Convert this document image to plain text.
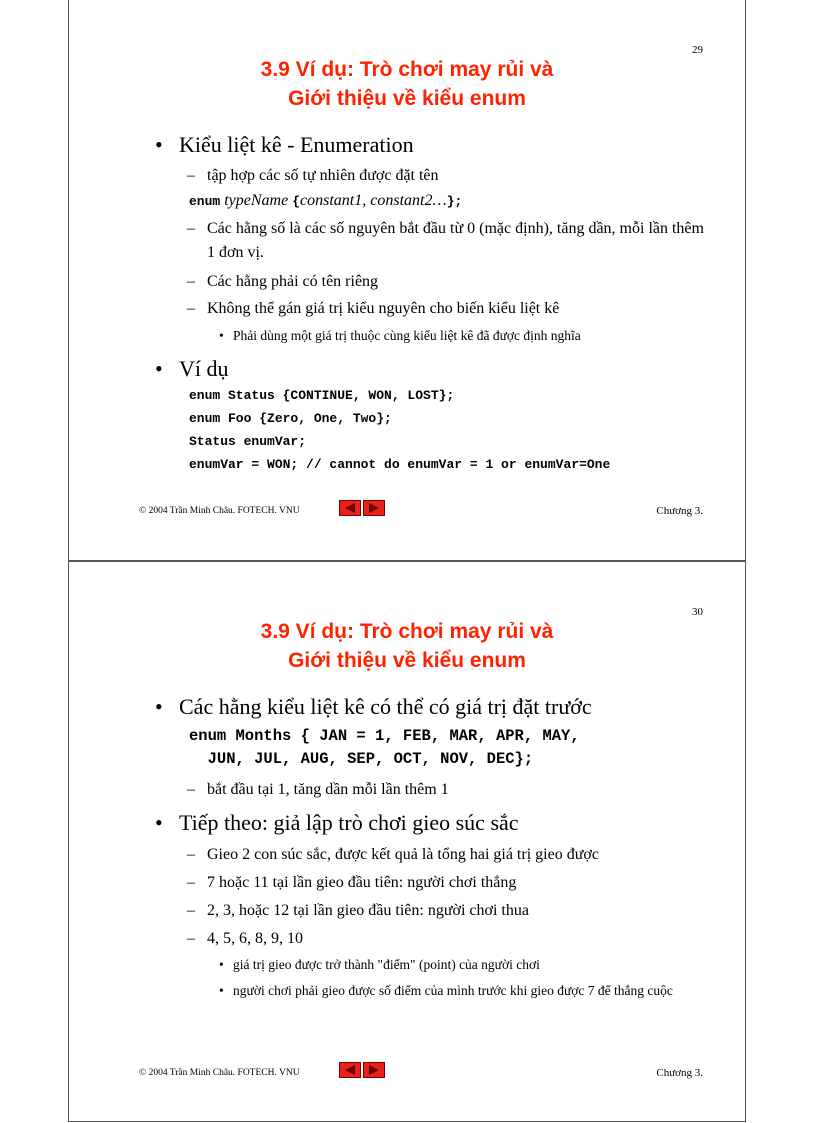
29
3.9 Ví dụ: Trò chơi may rủi và
Giới thiệu về kiểu enum
• Kiểu liệt kê - Enumeration
– tập hợp các số tự nhiên được đặt tên
enum typeName {constant1, constant2…};
– Các hằng số là các số nguyên bắt đầu từ 0 (mặc định), tăng dần, mỗi lần thêm 1 đơn vị.
– Các hằng phải có tên riêng
– Không thể gán giá trị kiểu nguyên cho biến kiểu liệt kê
• Phải dùng một giá trị thuộc cùng kiểu liệt kê đã được định nghĩa
• Ví dụ
enum Status {CONTINUE, WON, LOST};
enum Foo {Zero, One, Two};
Status enumVar;
enumVar = WON; // cannot do enumVar = 1 or enumVar=One
© 2004 Trần Minh Châu. FOTECH. VNU	Chương 3.
30
3.9 Ví dụ: Trò chơi may rủi và
Giới thiệu về kiểu enum
• Các hằng kiểu liệt kê có thể có giá trị đặt trước
enum Months { JAN = 1, FEB, MAR, APR, MAY,
JUN, JUL, AUG, SEP, OCT, NOV, DEC};
– bắt đầu tại 1, tăng dần mỗi lần thêm 1
• Tiếp theo: giả lập trò chơi gieo súc sắc
– Gieo 2 con súc sắc, được kết quả là tổng hai giá trị gieo được
– 7 hoặc 11 tại lần gieo đầu tiên: người chơi thắng
– 2, 3, hoặc 12 tại lần gieo đầu tiên: người chơi thua
– 4, 5, 6, 8, 9, 10
• giá trị gieo được trở thành "điểm" (point) của người chơi
• người chơi phải gieo được số điểm của mình trước khi gieo được 7 để thắng cuộc
© 2004 Trần Minh Châu. FOTECH. VNU	Chương 3.
